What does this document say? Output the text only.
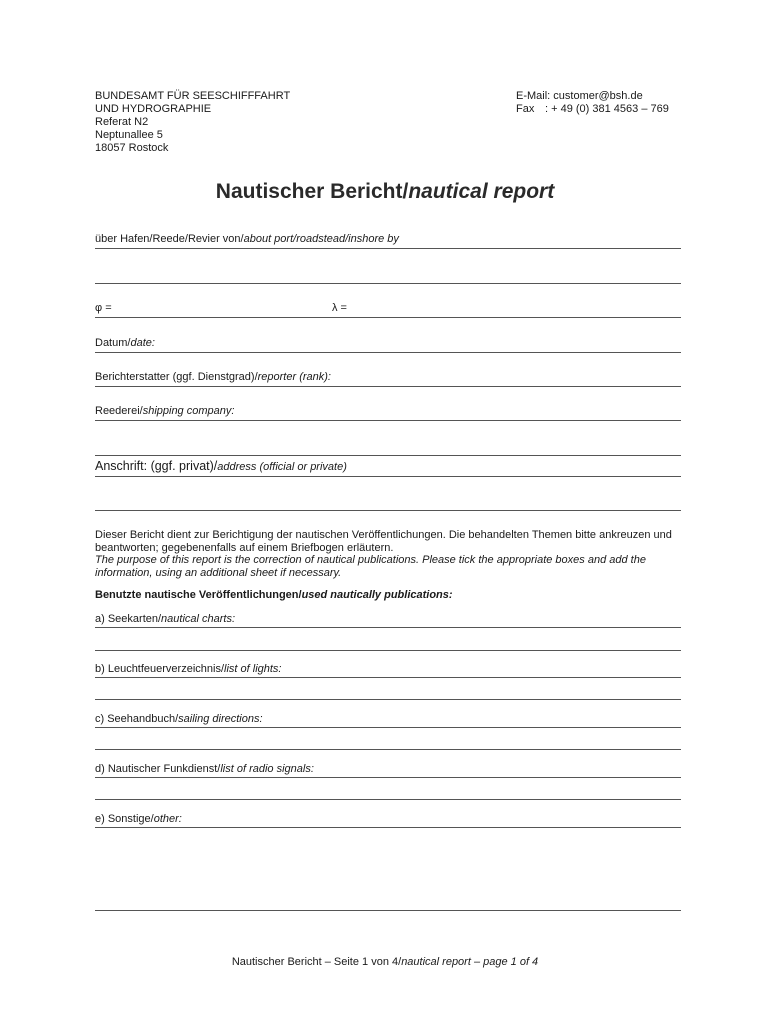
BUNDESAMT FÜR SEESCHIFFFAHRT
UND HYDROGRAPHIE
Referat N2
Neptunallee 5
18057 Rostock
E-Mail: customer@bsh.de
Fax : + 49 (0) 381 4563 – 769
Nautischer Bericht/nautical report
über Hafen/Reede/Revier von/about port/roadstead/inshore by
φ =	λ =
Datum/date:
Berichterstatter (ggf. Dienstgrad)/reporter (rank):
Reederei/shipping company:
Anschrift: (ggf. privat)/address (official or private)
Dieser Bericht dient zur Berichtigung der nautischen Veröffentlichungen. Die behandelten Themen bitte ankreuzen und beantworten; gegebenenfalls auf einem Briefbogen erläutern.
The purpose of this report is the correction of nautical publications. Please tick the appropriate boxes and add the information, using an additional sheet if necessary.
Benutzte nautische Veröffentlichungen/used nautically publications:
a) Seekarten/nautical charts:
b) Leuchtfeuerverzeichnis/list of lights:
c) Seehandbuch/sailing directions:
d) Nautischer Funkdienst/list of radio signals:
e) Sonstige/other:
Nautischer Bericht – Seite 1 von 4/nautical report – page 1 of 4
